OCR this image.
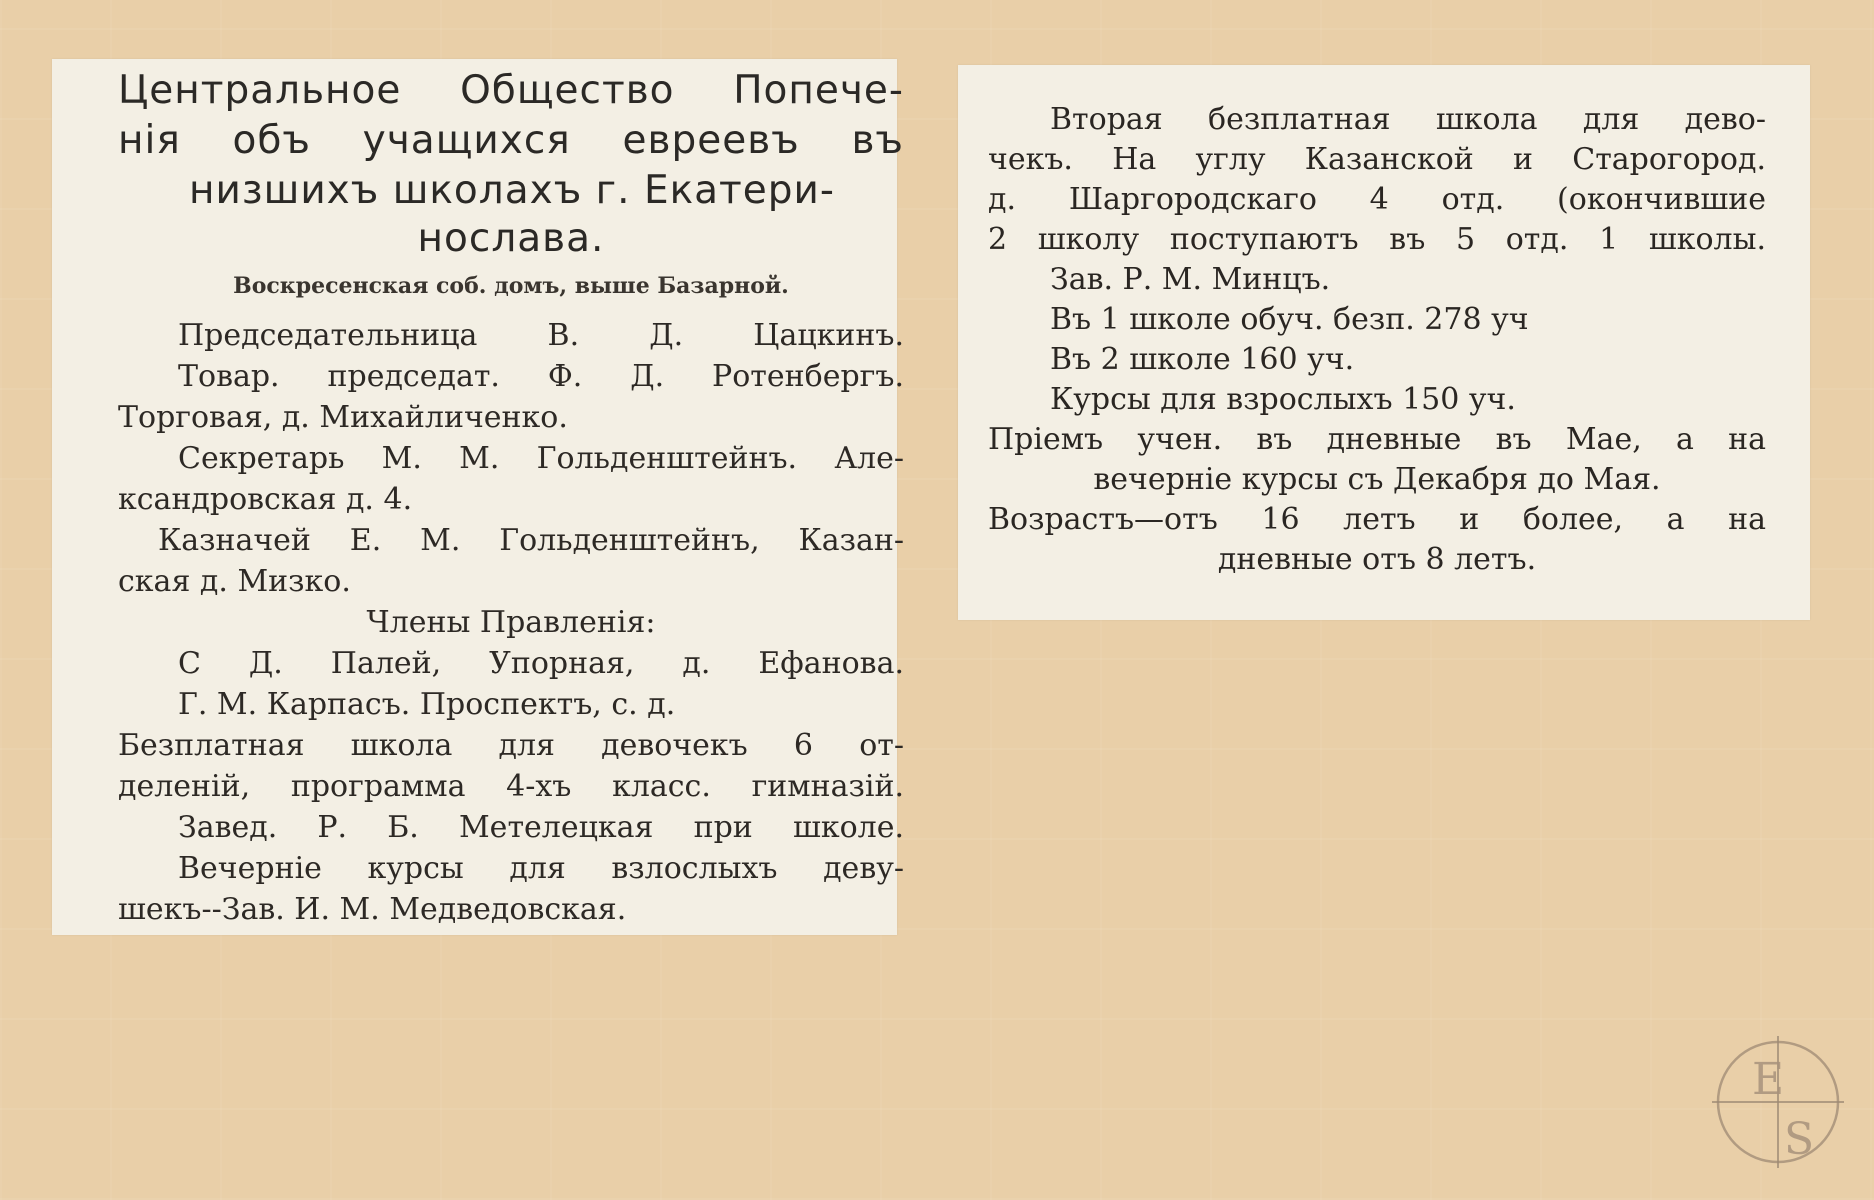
Центральное Общество Попече-
нія объ учащихся евреевъ въ
низшихъ школахъ г. Екатери-
нослава.
Воскресенская соб. домъ, выше Базарной.
Председательница В. Д. Цацкинъ.
Товар. председат. Ф. Д. Ротенбергъ.
Торговая, д. Михайличенко.
Секретарь М. М. Гольденштейнъ. Але-
ксандровская д. 4.
Казначей Е. М. Гольденштейнъ, Казан-
ская д. Мизко.
Члены Правленія:
С Д. Палей, Упорная, д. Ефанова.
Г. М. Карпасъ. Проспектъ, с. д.
Безплатная школа для девочекъ 6 от-
деленій, программа 4-хъ класс. гимназій.
Завед. Р. Б. Метелецкая при школе.
Вечерніе курсы для взлослыхъ деву-
шекъ--Зав. И. М. Медведовская.
Вторая безплатная школа для девo-
чекъ. На углу Казанской и Старогород.
д. Шаргородскаго 4 отд. (окончившие
2 школу поступаютъ въ 5 отд. 1 школы.
Зав. Р. М. Минцъ.
Въ 1 школе обуч. безп. 278 уч
Въ 2 школе 160 уч.
Курсы для взрослыхъ 150 уч.
Пріемъ учен. въ дневные въ Мае, а на
вечерніе курсы съ Декабря до Мая.
Возрастъ—отъ 16 летъ и более, а на
дневные отъ 8 летъ.
E
S
